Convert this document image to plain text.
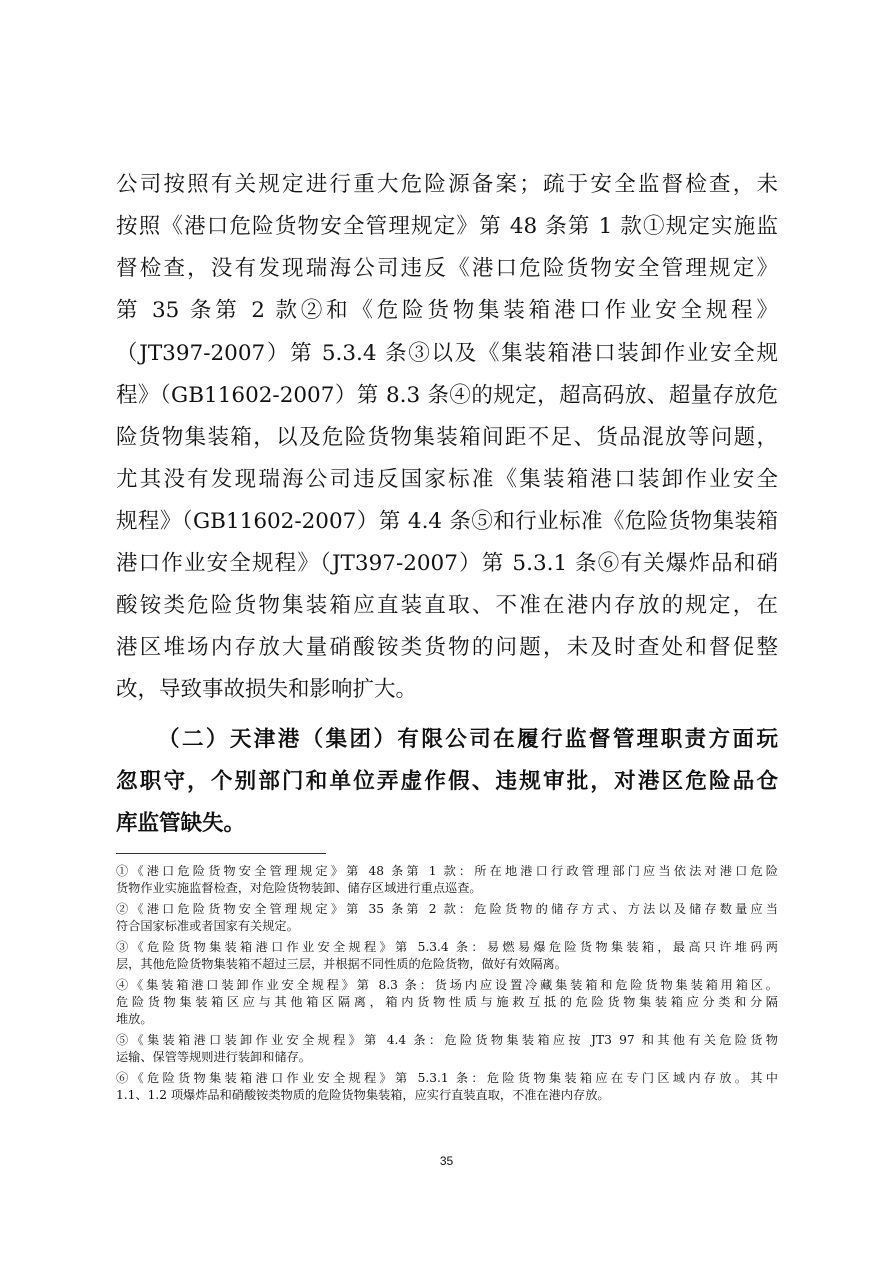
公司按照有关规定进行重大危险源备案；疏于安全监督检查，未
按照《港口危险货物安全管理规定》第 48 条第 1 款①规定实施监
督检查，没有发现瑞海公司违反《港口危险货物安全管理规定》
第 35 条第 2 款②和《危险货物集装箱港口作业安全规程》
（JT397-2007）第 5.3.4 条③以及《集装箱港口装卸作业安全规
程》（GB11602-2007）第 8.3 条④的规定，超高码放、超量存放危
险货物集装箱，以及危险货物集装箱间距不足、货品混放等问题，
尤其没有发现瑞海公司违反国家标准《集装箱港口装卸作业安全
规程》（GB11602-2007）第 4.4 条⑤和行业标准《危险货物集装箱
港口作业安全规程》（JT397-2007）第 5.3.1 条⑥有关爆炸品和硝
酸铵类危险货物集装箱应直装直取、不准在港内存放的规定，在
港区堆场内存放大量硝酸铵类货物的问题，未及时查处和督促整
改，导致事故损失和影响扩大。
（二）天津港（集团）有限公司在履行监督管理职责方面玩
忽职守，个别部门和单位弄虚作假、违规审批，对港区危险品仓
库监管缺失。
①《港口危险货物安全管理规定》第 48 条第 1 款：所在地港口行政管理部门应当依法对港口危险
货物作业实施监督检查，对危险货物装卸、储存区域进行重点巡查。
②《港口危险货物安全管理规定》第 35 条第 2 款：危险货物的储存方式、方法以及储存数量应当
符合国家标准或者国家有关规定。
③《危险货物集装箱港口作业安全规程》第 5.3.4 条：易燃易爆危险货物集装箱，最高只许堆码两
层，其他危险货物集装箱不超过三层，并根据不同性质的危险货物，做好有效隔离。
④《集装箱港口装卸作业安全规程》第 8.3 条：货场内应设置冷藏集装箱和危险货物集装箱用箱区。
危险货物集装箱区应与其他箱区隔离，箱内货物性质与施救互抵的危险货物集装箱应分类和分隔
堆放。
⑤《集装箱港口装卸作业安全规程》第 4.4 条：危险货物集装箱应按 JT3 97 和其他有关危险货物
运输、保管等规则进行装卸和储存。
⑥《危险货物集装箱港口作业安全规程》第 5.3.1 条：危险货物集装箱应在专门区域内存放。其中
1.1、1.2 项爆炸品和硝酸铵类物质的危险货物集装箱，应实行直装直取，不准在港内存放。
35
